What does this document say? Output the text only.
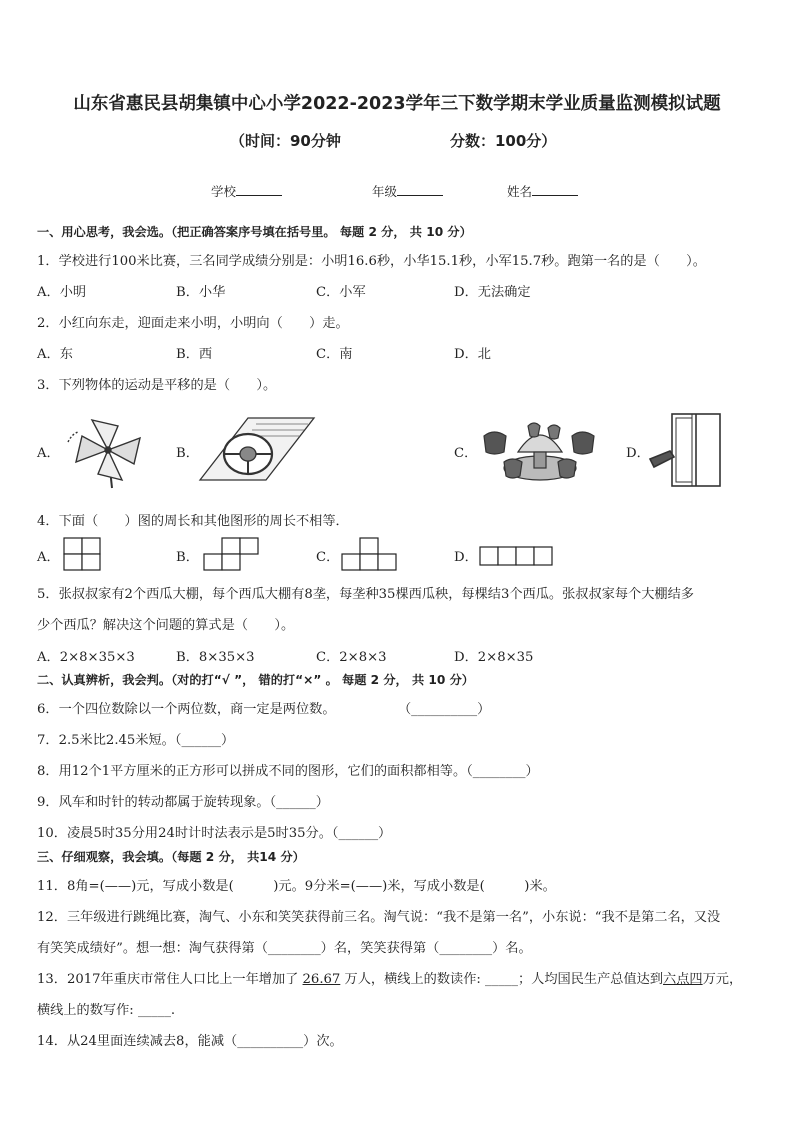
山东省惠民县胡集镇中心小学2022-2023学年三下数学期末学业质量监测模拟试题
（时间：90分钟	分数：100分）
学校	年级	姓名
一、用心思考，我会选。（把正确答案序号填在括号里。 每题 2 分， 共 10 分）
1．学校进行100米比赛，三名同学成绩分别是：小明16.6秒，小华15.1秒，小军15.7秒。跑第一名的是（　　）。
A．小明	B．小华	C．小军	D．无法确定
2．小红向东走，迎面走来小明，小明向（　　）走。
A．东	B．西	C．南	D．北
3．下列物体的运动是平移的是（　　）。
A．	B．	C．	D．
4．下面（　　）图的周长和其他图形的周长不相等．
A．	B．	C．	D．
5．张叔叔家有2个西瓜大棚，每个西瓜大棚有8垄，每垄种35棵西瓜秧，每棵结3个西瓜。张叔叔家每个大棚结多
少个西瓜？解决这个问题的算式是（　　）。
A．2×8×35×3	B．8×35×3	C．2×8×3	D．2×8×35
二、认真辨析，我会判。（对的打“√ ”， 错的打“×” 。 每题 2 分， 共 10 分）
6．一个四位数除以一个两位数，商一定是两位数。	（__________）
7．2.5米比2.45米短。（______）
8．用12个1平方厘米的正方形可以拼成不同的图形，它们的面积都相等。（________）
9．风车和时针的转动都属于旋转现象。（______）
10．凌晨5时35分用24时计时法表示是5时35分。（______）
三、仔细观察，我会填。（每题 2 分， 共14 分）
11．8角=(——)元，写成小数是(　　　)元。9分米=(——)米，写成小数是(　　　)米。
12．三年级进行跳绳比赛，淘气、小东和笑笑获得前三名。淘气说：“我不是第一名”，小东说：“我不是第二名，又没
有笑笑成绩好”。想一想：淘气获得第（________）名，笑笑获得第（________）名。
13．2017年重庆市常住人口比上一年增加了 26.67 万人，横线上的数读作: _____；人均国民生产总值达到六点四万元，
横线上的数写作: _____.
14．从24里面连续减去8，能减（__________）次。
